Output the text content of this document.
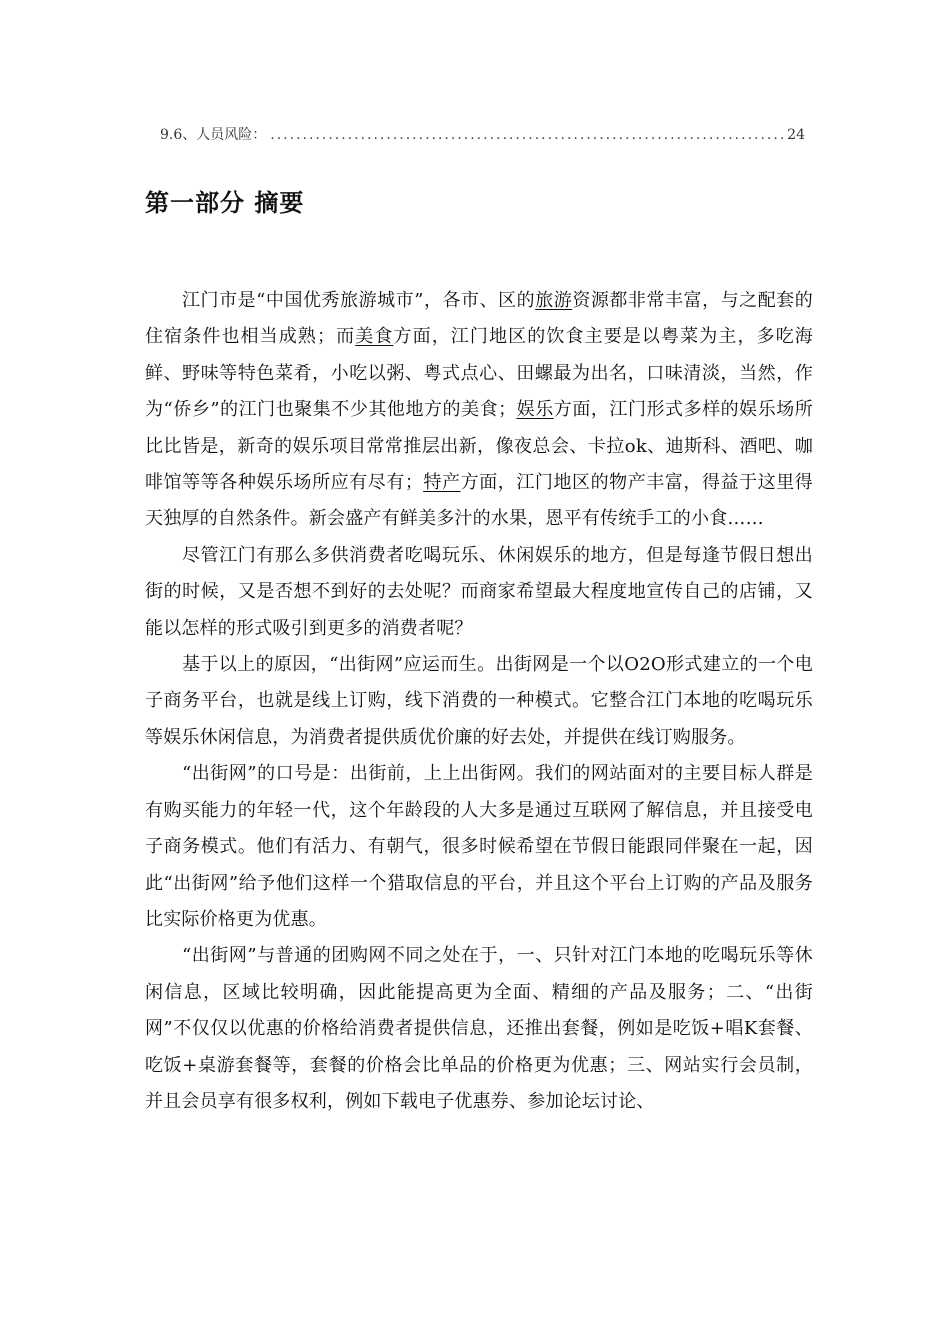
9.6、人员风险：
.....	24
第一部分 摘要

江门市是“中国优秀旅游城市”，各市、区的旅游资源都非常丰富，与之配套的住宿条件也相当成熟；而美食方面，江门地区的饮食主要是以粤菜为主，多吃海鲜、野味等特色菜肴，小吃以粥、粤式点心、田螺最为出名，口味清淡，当然，作为“侨乡”的江门也聚集不少其他地方的美食；娱乐方面，江门形式多样的娱乐场所比比皆是，新奇的娱乐项目常常推层出新，像夜总会、卡拉ok、迪斯科、酒吧、咖啡馆等等各种娱乐场所应有尽有；特产方面，江门地区的物产丰富，得益于这里得天独厚的自然条件。新会盛产有鲜美多汁的水果，恩平有传统手工的小食……

尽管江门有那么多供消费者吃喝玩乐、休闲娱乐的地方，但是每逢节假日想出街的时候，又是否想不到好的去处呢？而商家希望最大程度地宣传自己的店铺，又能以怎样的形式吸引到更多的消费者呢？

基于以上的原因，“出街网”应运而生。出街网是一个以O2O形式建立的一个电子商务平台，也就是线上订购，线下消费的一种模式。它整合江门本地的吃喝玩乐等娱乐休闲信息，为消费者提供质优价廉的好去处，并提供在线订购服务。

“出街网”的口号是：出街前，上上出街网。我们的网站面对的主要目标人群是有购买能力的年轻一代，这个年龄段的人大多是通过互联网了解信息，并且接受电子商务模式。他们有活力、有朝气，很多时候希望在节假日能跟同伴聚在一起，因此“出街网”给予他们这样一个猎取信息的平台，并且这个平台上订购的产品及服务比实际价格更为优惠。

“出街网”与普通的团购网不同之处在于，一、只针对江门本地的吃喝玩乐等休闲信息，区域比较明确，因此能提高更为全面、精细的产品及服务；二、“出街网”不仅仅以优惠的价格给消费者提供信息，还推出套餐，例如是吃饭+唱K套餐、吃饭+桌游套餐等，套餐的价格会比单品的价格更为优惠；三、网站实行会员制，并且会员享有很多权利，例如下载电子优惠券、参加论坛讨论、
